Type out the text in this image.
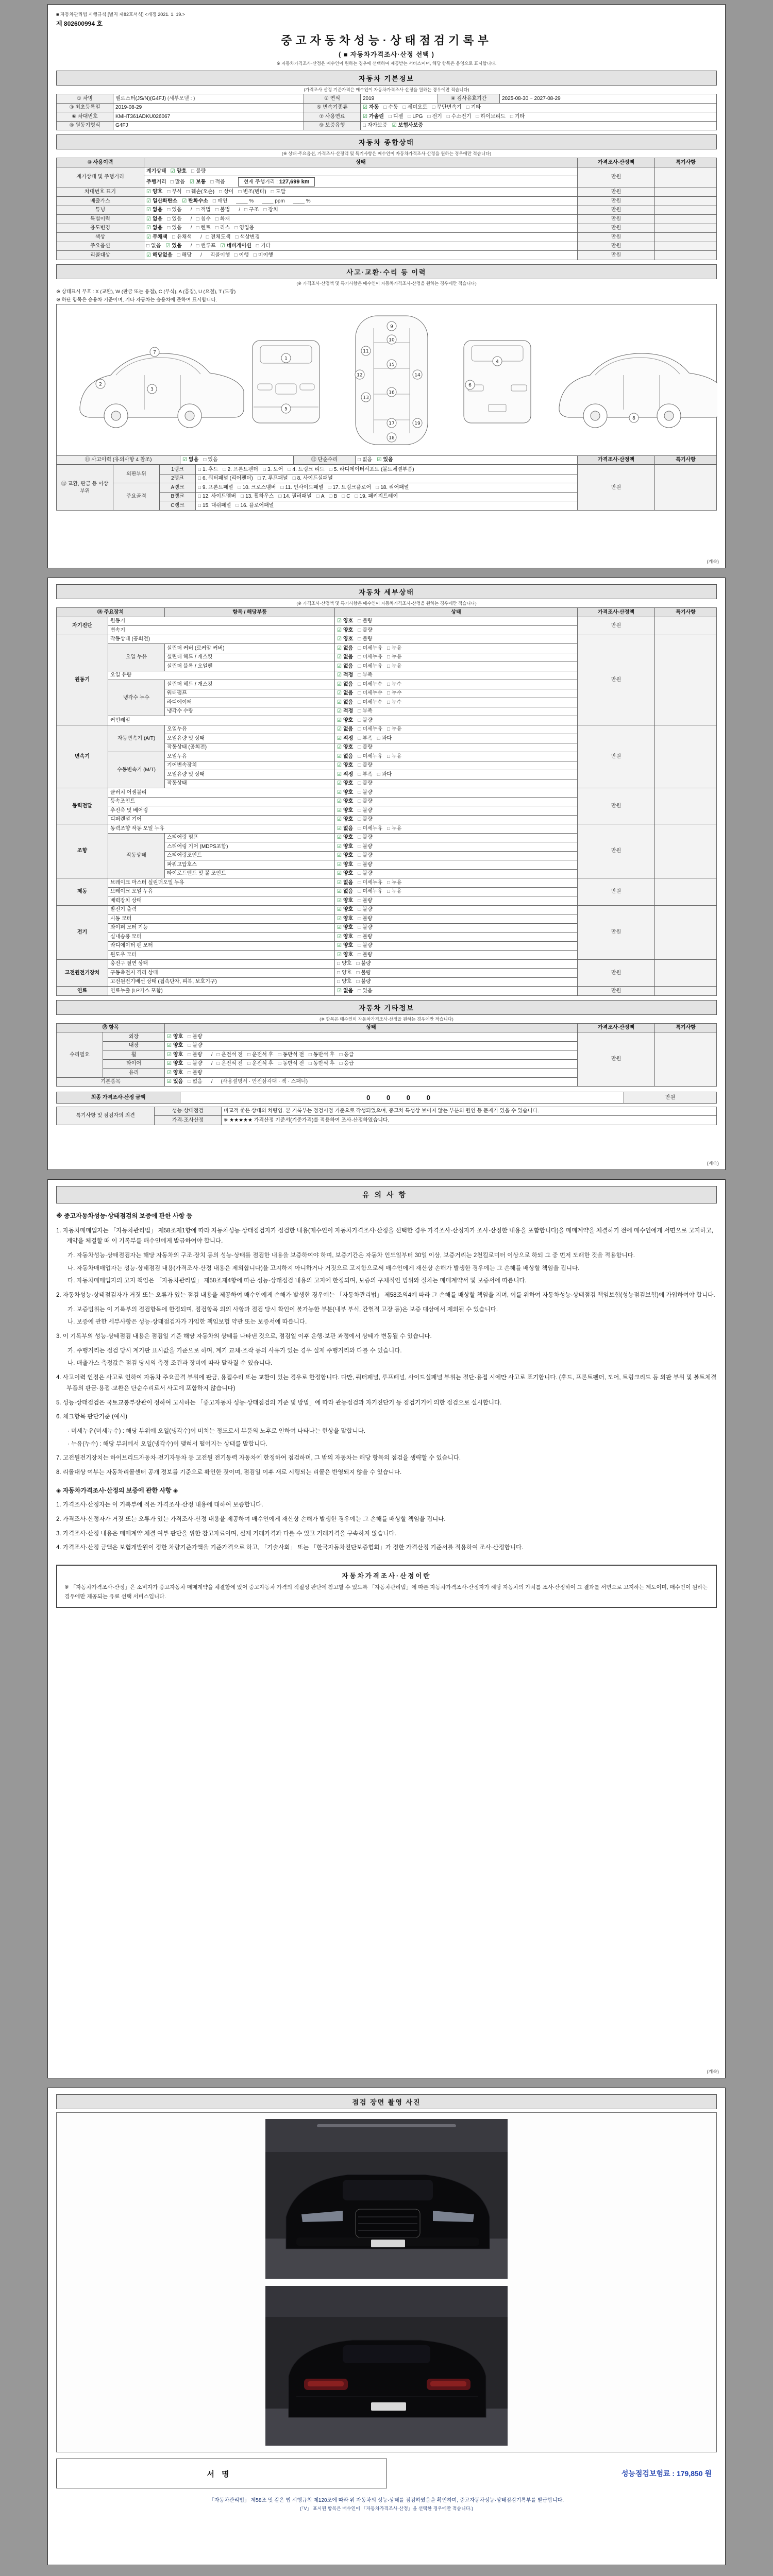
■ 자동차관리법 시행규칙 [별지 제82호서식] <개정 2021. 1. 19.>
제 802600994 호
중고자동차성능·상태점검기록부
( ■ 자동차가격조사·산정 선택 )
※ 자동차가격조사·산정은 매수인이 원하는 경우에 선택하여 제공받는 서비스이며, 해당 항목은 음영으로 표시합니다.
자동차 기본정보
(가격조사·산정 기준가격은 매수인이 자동차가격조사·산정을 원하는 경우에만 적습니다)
① 차명	벨로스터(JS/N)(G4FJ) (세부모델 : )	② 연식	2019	④ 검사유효기간	2025-08-30 ~ 2027-08-29
③ 최초등록일	2019-08-29	⑤ 변속기종류	☑ 자동 □ 수동 □ 세미오토 □ 무단변속기 □ 기타		
⑥ 차대번호	KMHT361ADKU026067	⑦ 사용연료	☑ 가솔린 □ 디젤 □ LPG □ 전기 □ 수소전기 □ 하이브리드 □ 기타		
⑧ 원동기형식	G4FJ	⑨ 보증유형	□ 자가보증 ☑ 보험사보증		
자동차 종합상태
(※ 상태·주요옵션, 가격조사·산정액 및 특기사항은 매수인이 자동차가격조사·산정을 원하는 경우에만 적습니다)
⑩ 사용이력	상태	가격조사·산정액	특기사항
계기상태 및 주행거리	계기상태 ☑ 양호 □ 불량	만원	
	주행거리 □ 많음 ☑ 보통 □ 적음 현재 주행거리 : 127,699 km		
차대번호 표기	☑ 양호 □ 부식 □ 훼손(오손) □ 상이 □ 변조(변타) □ 도말	만원	
배출가스	☑ 일산화탄소 ☑ 탄화수소 □ 매연 ____ % ____ ppm ____ %	만원	
튜닝	☑ 없음 □ 있음 / □ 적법 □ 불법 / □ 구조 □ 장치	만원	
특별이력	☑ 없음 □ 있음 / □ 침수 □ 화재	만원	
용도변경	☑ 없음 □ 있음 / □ 렌트 □ 리스 □ 영업용	만원	
색상	☑ 무채색 □ 유채색 / □ 전체도색 □ 색상변경	만원	
주요옵션	□ 없음 ☑ 있음 / □ 썬루프 ☑ 네비게이션 □ 기타	만원	
리콜대상	☑ 해당없음 □ 해당 / 리콜이행 □ 이행 □ 미이행	만원	
사고·교환·수리 등 이력
(※ 가격조사·산정액 및 특기사항은 매수인이 자동차가격조사·산정을 원하는 경우에만 적습니다)
※ 상태표시 부호 : X (교환), W (판금 또는 용접), C (부식), A (흠집), U (요철), T (도장)
※ 하단 항목은 승용차 기준이며, 기타 자동차는 승용차에 준하여 표시합니다.
1
5
2
3
7
9
10
11
12
13
14
15
16
17
18
19
4
6
8
⑪ 사고이력 (유의사항 4 참조)	☑ 없음 □ 있음	⑫ 단순수리	□ 없음 ☑ 있음	가격조사·산정액	특기사항
⑬ 교환, 판금 등 이상 부위	외판부위	1랭크	□ 1. 후드 □ 2. 프론트펜더 □ 3. 도어 □ 4. 트렁크 리드 □ 5. 라디에이터서포트 (볼트체결부품)	만원	
		2랭크	□ 6. 쿼터패널 (리어펜더) □ 7. 루프패널 □ 8. 사이드실패널		
	주요골격	A랭크	□ 9. 프론트패널 □ 10. 크로스멤버 □ 11. 인사이드패널 □ 17. 트렁크플로어 □ 18. 리어패널		
		B랭크	□ 12. 사이드멤버 □ 13. 휠하우스 □ 14. 필러패널 □ A □ B □ C □ 19. 패키지트레이		
		C랭크	□ 15. 대쉬패널 □ 16. 플로어패널		
(계속)
자동차 세부상태
(※ 가격조사·산정액 및 특기사항은 매수인이 자동차가격조사·산정을 원하는 경우에만 적습니다)
⑭ 주요장치		항목 / 해당부품	상태	가격조사·산정액	특기사항
자기진단	원동기		☑ 양호 □ 불량	만원	
	변속기		☑ 양호 □ 불량		
원동기	작동상태 (공회전)		☑ 양호 □ 불량	만원	
	오일 누유	실린더 커버 (로커암 커버)	☑ 없음 □ 미세누유 □ 누유		
		실린더 헤드 / 개스킷	☑ 없음 □ 미세누유 □ 누유		
		실린더 블록 / 오일팬	☑ 없음 □ 미세누유 □ 누유		
	오일 유량		☑ 적정 □ 부족		
	냉각수 누수	실린더 헤드 / 개스킷	☑ 없음 □ 미세누수 □ 누수		
		워터펌프	☑ 없음 □ 미세누수 □ 누수		
		라디에이터	☑ 없음 □ 미세누수 □ 누수		
		냉각수 수량	☑ 적정 □ 부족		
	커먼레일		☑ 양호 □ 불량		
변속기	자동변속기 (A/T)	오일누유	☑ 없음 □ 미세누유 □ 누유	만원	
		오일유량 및 상태	☑ 적정 □ 부족 □ 과다		
		작동상태 (공회전)	☑ 양호 □ 불량		
	수동변속기 (M/T)	오일누유	☑ 없음 □ 미세누유 □ 누유		
		기어변속장치	☑ 양호 □ 불량		
		오일유량 및 상태	☑ 적정 □ 부족 □ 과다		
		작동상태	☑ 양호 □ 불량		
동력전달	클러치 어셈블리		☑ 양호 □ 불량	만원	
	등속조인트		☑ 양호 □ 불량		
	추진축 및 베어링		☑ 양호 □ 불량		
	디퍼렌셜 기어		☑ 양호 □ 불량		
조향	동력조향 작동 오일 누유		☑ 없음 □ 미세누유 □ 누유	만원	
	작동상태	스티어링 펌프	☑ 양호 □ 불량		
		스티어링 기어 (MDPS포함)	☑ 양호 □ 불량		
		스티어링조인트	☑ 양호 □ 불량		
		파워고압호스	☑ 양호 □ 불량		
		타이로드엔드 및 볼 조인트	☑ 양호 □ 불량		
제동	브레이크 마스터 실린더오일 누유		☑ 없음 □ 미세누유 □ 누유	만원	
	브레이크 오일 누유		☑ 없음 □ 미세누유 □ 누유		
	배력장치 상태		☑ 양호 □ 불량		
전기	발전기 출력		☑ 양호 □ 불량	만원	
	시동 모터		☑ 양호 □ 불량		
	와이퍼 모터 기능		☑ 양호 □ 불량		
	실내송풍 모터		☑ 양호 □ 불량		
	라디에이터 팬 모터		☑ 양호 □ 불량		
	윈도우 모터		☑ 양호 □ 불량		
고전원전기장치	충전구 절연 상태		□ 양호 □ 불량	만원	
	구동축전지 격리 상태		□ 양호 □ 불량		
	고전원전기배선 상태 (접속단자, 피복, 보호기구)		□ 양호 □ 불량		
연료	연료누출 (LP가스 포함)		☑ 없음 □ 있음	만원	
자동차 기타정보
(※ 항목은 매수인이 자동차가격조사·산정을 원하는 경우에만 적습니다)
⑮ 항목		상태	가격조사·산정액	특기사항
수리필요	외장	☑ 양호 □ 불량	만원	
	내장	☑ 양호 □ 불량		
	휠	☑ 양호 □ 불량 / □ 운전석 전 □ 운전석 후 □ 동반석 전 □ 동반석 후 □ 응급		
	타이어	☑ 양호 □ 불량 / □ 운전석 전 □ 운전석 후 □ 동반석 전 □ 동반석 후 □ 응급		
	유리	☑ 양호 □ 불량		
기본품목		☑ 있음 □ 없음 / (사용설명서 · 안전삼각대 · 잭 · 스패너)		
최종 가격조사·산정 금액	0 0 0 0	만원
특기사항 및 점검자의 의견	성능·상태점검	비교적 좋은 상태의 차량임. 본 기록부는 점검시점 기준으로 작성되었으며, 중고차 특성상 보이지 않는 부분의 원인 등 문제가 있을 수 있습니다.
	가격·조사산정	※ ★★★★★ 가격산정 기준서(기준가격)를 적용하여 조사·산정하였습니다.
(계속)
유의사항
※ 중고자동차성능·상태점검의 보증에 관한 사항 등
1. 자동차매매업자는 「자동차관리법」 제58조제1항에 따라 자동차성능·상태점검자가 점검한 내용(매수인이 자동차가격조사·산정을 선택한 경우 가격조사·산정자가 조사·산정한 내용을 포함합니다)을 매매계약을 체결하기 전에 매수인에게 서면으로 고지하고, 계약을 체결할 때 이 기록부를 매수인에게 발급하여야 합니다.
가. 자동차성능·상태점검자는 해당 자동차의 구조·장치 등의 성능·상태를 점검한 내용을 보증하여야 하며, 보증기간은 자동차 인도일부터 30일 이상, 보증거리는 2천킬로미터 이상으로 하되 그 중 먼저 도래한 것을 적용합니다.
나. 자동차매매업자는 성능·상태점검 내용(가격조사·산정 내용은 제외합니다)을 고지하지 아니하거나 거짓으로 고지함으로써 매수인에게 재산상 손해가 발생한 경우에는 그 손해를 배상할 책임을 집니다.
다. 자동차매매업자의 고지 책임은 「자동차관리법」 제58조제4항에 따른 성능·상태점검 내용의 고지에 한정되며, 보증의 구체적인 범위와 절차는 매매계약서 및 보증서에 따릅니다.
2. 자동차성능·상태점검자가 거짓 또는 오류가 있는 점검 내용을 제공하여 매수인에게 손해가 발생한 경우에는 「자동차관리법」 제58조의4에 따라 그 손해를 배상할 책임을 지며, 이를 위하여 자동차성능·상태점검 책임보험(성능점검보험)에 가입하여야 합니다.
가. 보증범위는 이 기록부의 점검항목에 한정되며, 점검항목 외의 사항과 점검 당시 확인이 불가능한 부분(내부 부식, 간헐적 고장 등)은 보증 대상에서 제외될 수 있습니다.
나. 보증에 관한 세부사항은 성능·상태점검자가 가입한 책임보험 약관 또는 보증서에 따릅니다.
3. 이 기록부의 성능·상태점검 내용은 점검일 기준 해당 자동차의 상태를 나타낸 것으로, 점검일 이후 운행·보관 과정에서 상태가 변동될 수 있습니다.
가. 주행거리는 점검 당시 계기판 표시값을 기준으로 하며, 계기 교체·조작 등의 사유가 있는 경우 실제 주행거리와 다를 수 있습니다.
나. 배출가스 측정값은 점검 당시의 측정 조건과 장비에 따라 달라질 수 있습니다.
4. 사고이력 인정은 사고로 인하여 자동차 주요골격 부위에 판금, 용접수리 또는 교환이 있는 경우로 한정합니다. 다만, 쿼터패널, 루프패널, 사이드실패널 부위는 절단·용접 시에만 사고로 표기합니다. (후드, 프론트펜더, 도어, 트렁크리드 등 외판 부위 및 볼트체결 부품의 판금·용접·교환은 단순수리로서 사고에 포함하지 않습니다)
5. 성능·상태점검은 국토교통부장관이 정하여 고시하는 「중고자동차 성능·상태점검의 기준 및 방법」에 따라 관능점검과 자기진단기 등 점검기기에 의한 점검으로 실시합니다.
6. 체크항목 판단기준 (예시)
· 미세누유(미세누수) : 해당 부위에 오일(냉각수)이 비치는 정도로서 부품의 노후로 인하여 나타나는 현상을 말합니다.
· 누유(누수) : 해당 부위에서 오일(냉각수)이 맺혀서 떨어지는 상태를 말합니다.
7. 고전원전기장치는 하이브리드자동차·전기자동차 등 고전원 전기동력 자동차에 한정하여 점검하며, 그 밖의 자동차는 해당 항목의 점검을 생략할 수 있습니다.
8. 리콜대상 여부는 자동차리콜센터 공개 정보를 기준으로 확인한 것이며, 점검일 이후 새로 시행되는 리콜은 반영되지 않을 수 있습니다.
◈ 자동차가격조사·산정의 보증에 관한 사항 ◈
1. 가격조사·산정자는 이 기록부에 적은 가격조사·산정 내용에 대하여 보증합니다.
2. 가격조사·산정자가 거짓 또는 오류가 있는 가격조사·산정 내용을 제공하여 매수인에게 재산상 손해가 발생한 경우에는 그 손해를 배상할 책임을 집니다.
3. 가격조사·산정 내용은 매매계약 체결 여부 판단을 위한 참고자료이며, 실제 거래가격과 다를 수 있고 거래가격을 구속하지 않습니다.
4. 가격조사·산정 금액은 보험개발원이 정한 차량기준가액을 기준가격으로 하고, 「기술사회」 또는 「한국자동차진단보증협회」가 정한 가격산정 기준서를 적용하여 조사·산정합니다.
자동차가격조사·산정이란
※ 「자동차가격조사·산정」은 소비자가 중고자동차 매매계약을 체결함에 있어 중고자동차 가격의 적절성 판단에 참고할 수 있도록 「자동차관리법」에 따른 자동차가격조사·산정자가 해당 자동차의 가치를 조사·산정하여 그 결과를 서면으로 고지하는 제도이며, 매수인이 원하는 경우에만 제공되는 유료 선택 서비스입니다.
(계속)
점검 장면 촬영 사진
서명	성능점검보험료 : 179,850 원
「자동차관리법」 제58조 및 같은 법 시행규칙 제120조에 따라 위 자동차의 성능·상태를 점검하였음을 확인하며, 중고자동차성능·상태점검기록부를 발급합니다.
(「V」 표시된 항목은 매수인이 「자동차가격조사·산정」을 선택한 경우에만 적습니다.)
